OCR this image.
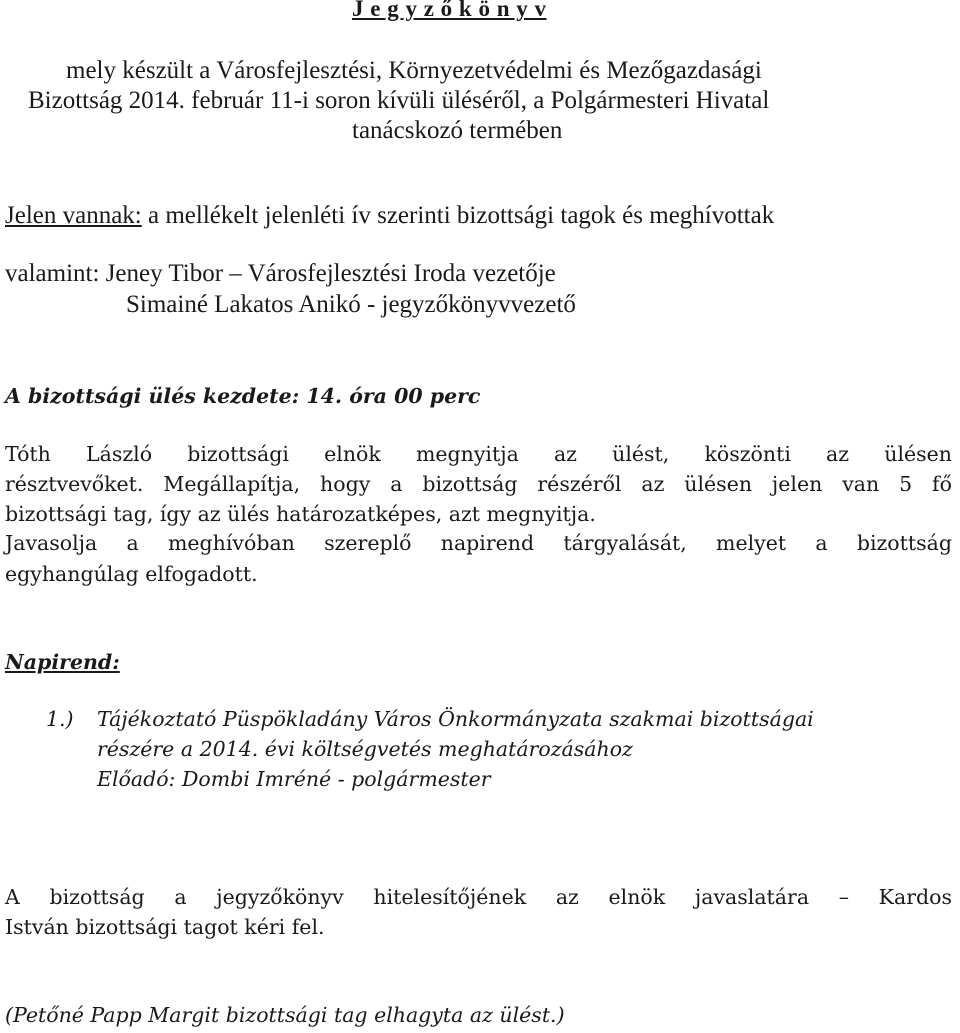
J e g y z ő k ö n y v
mely készült a Városfejlesztési, Környezetvédelmi és Mezőgazdasági
Bizottság 2014. február 11-i soron kívüli üléséről, a Polgármesteri Hivatal
tanácskozó termében
Jelen vannak: a mellékelt jelenléti ív szerinti bizottsági tagok és meghívottak
valamint: Jeney Tibor – Városfejlesztési Iroda vezetője
Simainé Lakatos Anikó - jegyzőkönyvvezető
A bizottsági ülés kezdete: 14. óra 00 perc
Tóth László bizottsági elnök megnyitja az ülést, köszönti az ülésen
résztvevőket. Megállapítja, hogy a bizottság részéről az ülésen jelen van 5 fő
bizottsági tag, így az ülés határozatképes, azt megnyitja.
Javasolja a meghívóban szereplő napirend tárgyalását, melyet a bizottság
egyhangúlag elfogadott.
Napirend:
1.) Tájékoztató Püspökladány Város Önkormányzata szakmai bizottságai
részére a 2014. évi költségvetés meghatározásához
Előadó: Dombi Imréné - polgármester
A bizottság a jegyzőkönyv hitelesítőjének az elnök javaslatára – Kardos
István bizottsági tagot kéri fel.
(Petőné Papp Margit bizottsági tag elhagyta az ülést.)
